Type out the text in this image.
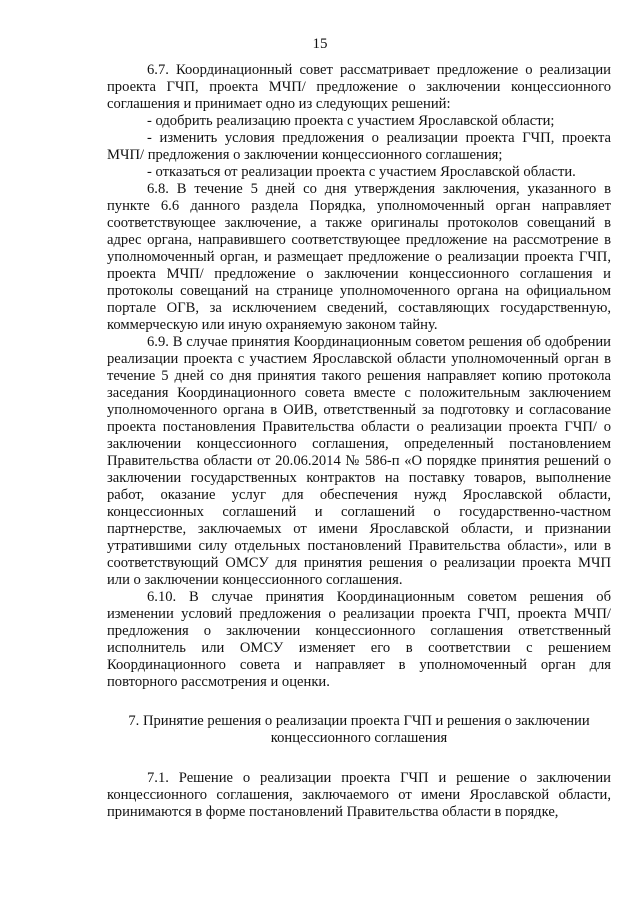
15

6.7. Координационный совет рассматривает предложение о реализации проекта ГЧП, проекта МЧП/ предложение о заключении концессионного соглашения и принимает одно из следующих решений:

- одобрить реализацию проекта с участием Ярославской области;

- изменить условия предложения о реализации проекта ГЧП, проекта МЧП/ предложения о заключении концессионного соглашения;

- отказаться от реализации проекта с участием Ярославской области.

6.8. В течение 5 дней со дня утверждения заключения, указанного в пункте 6.6 данного раздела Порядка, уполномоченный орган направляет соответствующее заключение, а также оригиналы протоколов совещаний в адрес органа, направившего соответствующее предложение на рассмотрение в уполномоченный орган, и размещает предложение о реализации проекта ГЧП, проекта МЧП/ предложение о заключении концессионного соглашения и протоколы совещаний на странице уполномоченного органа на официальном портале ОГВ, за исключением сведений, составляющих государственную, коммерческую или иную охраняемую законом тайну.

6.9. В случае принятия Координационным советом решения об одобрении реализации проекта с участием Ярославской области уполномоченный орган в течение 5 дней со дня принятия такого решения направляет копию протокола заседания Координационного совета вместе с положительным заключением уполномоченного органа в ОИВ, ответственный за подготовку и согласование проекта постановления Правительства области о реализации проекта ГЧП/ о заключении концессионного соглашения, определенный постановлением Правительства области от 20.06.2014 № 586-п «О порядке принятия решений о заключении государственных контрактов на поставку товаров, выполнение работ, оказание услуг для обеспечения нужд Ярославской области, концессионных соглашений и соглашений о государственно-частном партнерстве, заключаемых от имени Ярославской области, и признании утратившими силу отдельных постановлений Правительства области», или в соответствующий ОМСУ для принятия решения о реализации проекта МЧП или о заключении концессионного соглашения.

6.10. В случае принятия Координационным советом решения об изменении условий предложения о реализации проекта ГЧП, проекта МЧП/ предложения о заключении концессионного соглашения ответственный исполнитель или ОМСУ изменяет его в соответствии с решением Координационного совета и направляет в уполномоченный орган для повторного рассмотрения и оценки.

7. Принятие решения о реализации проекта ГЧП и решения о заключении
концессионного соглашения

7.1. Решение о реализации проекта ГЧП и решение о заключении концессионного соглашения, заключаемого от имени Ярославской области, принимаются в форме постановлений Правительства области в порядке,
